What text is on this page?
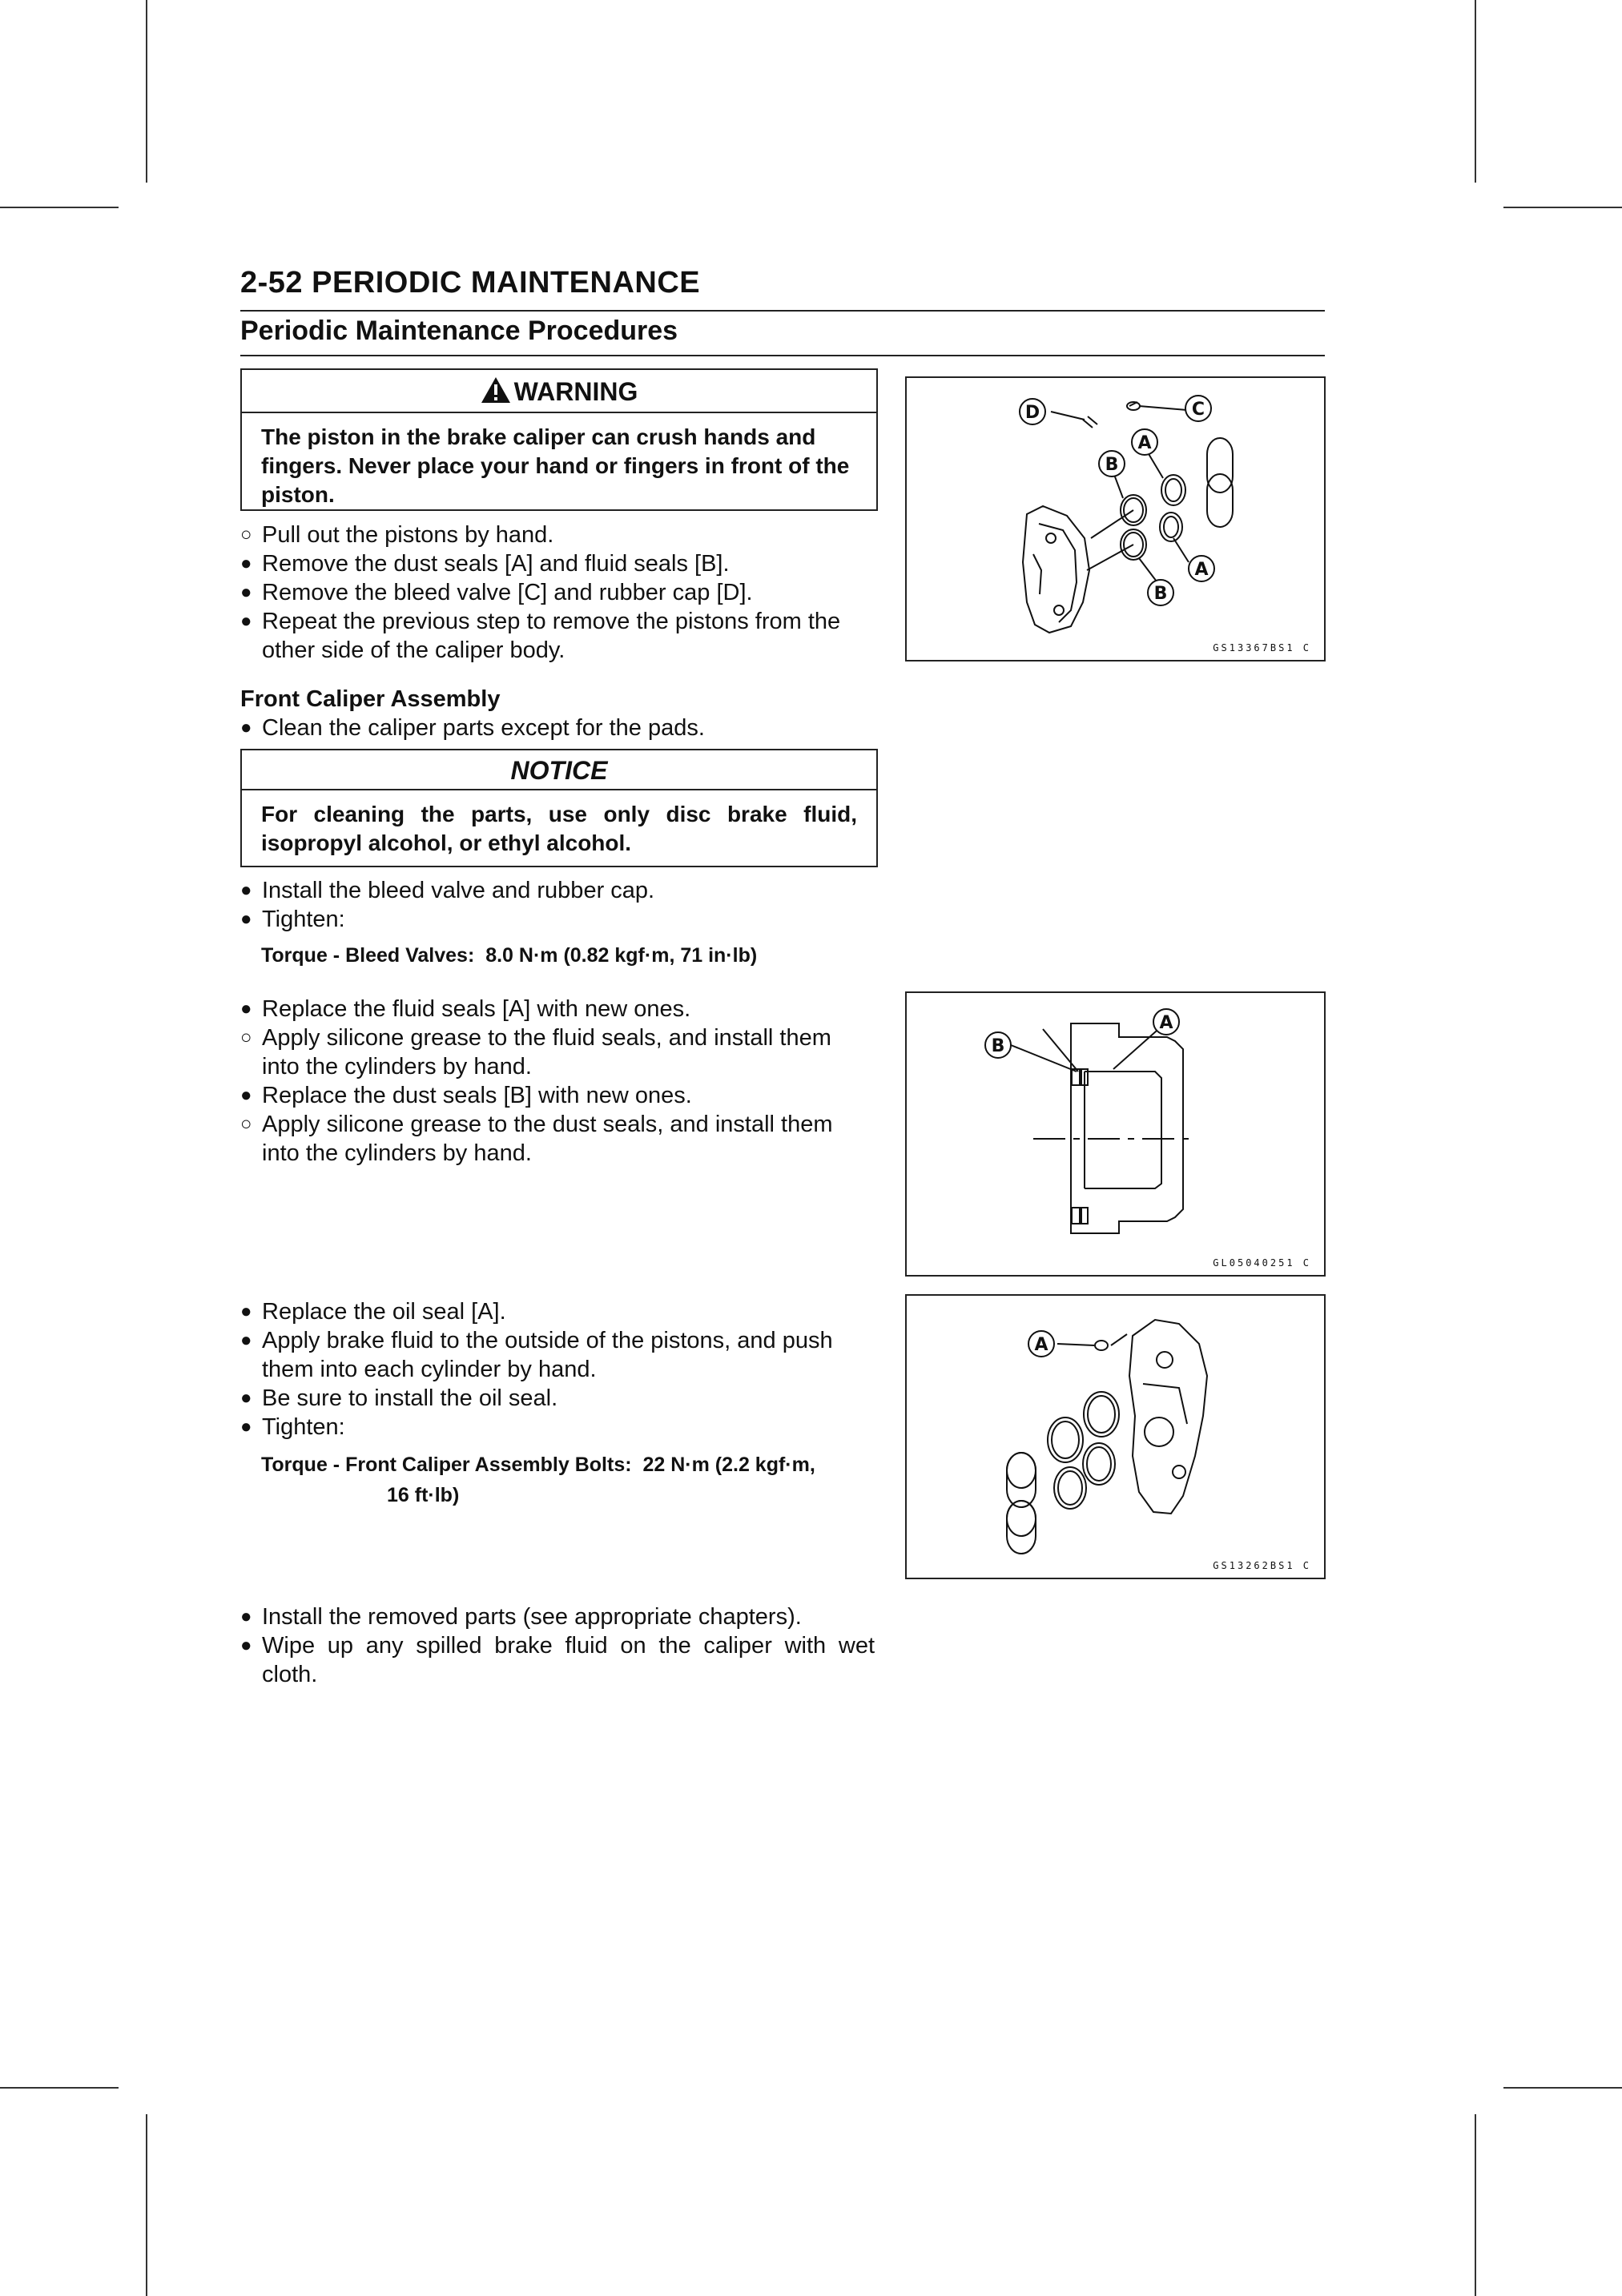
2-52 PERIODIC MAINTENANCE
Periodic Maintenance Procedures
WARNING
The piston in the brake caliper can crush hands and fingers. Never place your hand or fingers in front of the piston.
○ Pull out the pistons by hand.
● Remove the dust seals [A] and fluid seals [B].
● Remove the bleed valve [C] and rubber cap [D].
● Repeat the previous step to remove the pistons from the other side of the caliper body.
Front Caliper Assembly
● Clean the caliper parts except for the pads.
NOTICE
For cleaning the parts, use only disc brake fluid, isopropyl alcohol, or ethyl alcohol.
● Install the bleed valve and rubber cap.
● Tighten:
Torque - Bleed Valves: 8.0 N·m (0.82 kgf·m, 71 in·lb)
● Replace the fluid seals [A] with new ones.
○ Apply silicone grease to the fluid seals, and install them into the cylinders by hand.
● Replace the dust seals [B] with new ones.
○ Apply silicone grease to the dust seals, and install them into the cylinders by hand.
● Replace the oil seal [A].
● Apply brake fluid to the outside of the pistons, and push them into each cylinder by hand.
● Be sure to install the oil seal.
● Tighten:
Torque - Front Caliper Assembly Bolts: 22 N·m (2.2 kgf·m,
16 ft·lb)
● Install the removed parts (see appropriate chapters).
● Wipe up any spilled brake fluid on the caliper with wet cloth.
D	C
A
B
A
B
GS13367BS1 C
A
B
GL05040251 C
A
GS13262BS1 C
